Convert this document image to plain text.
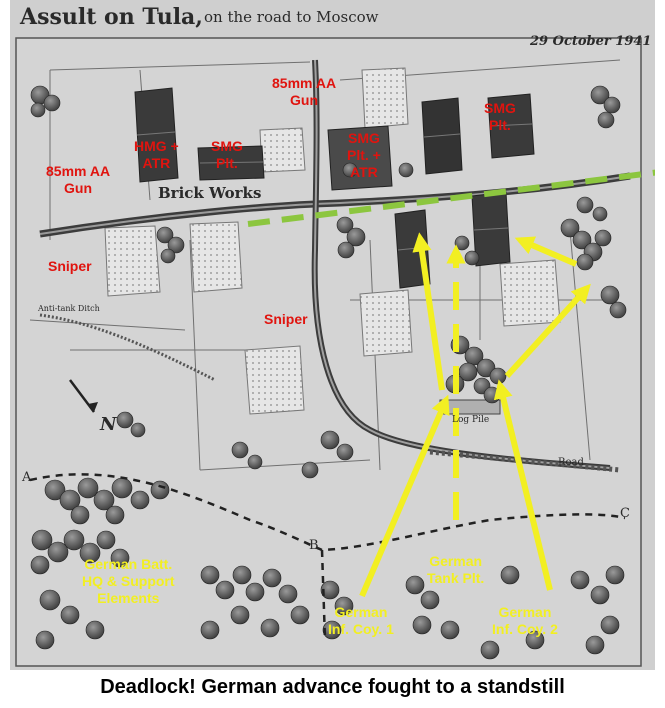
Assult on Tula, on the road to Moscow
29 October 1941
Brick Works
Anti-tank Ditch
Log Pile
Road
N
A
B
C
85mm AA
Gun
85mm AA
Gun
HMG +
ATR
SMG
Plt.
SMG
Plt. +
ATR
SMG
Plt.
Sniper
Sniper
German Batt.
HQ & Support
Elements
German
Tank Plt.
German
Inf. Coy. 1
German
Inf. Coy. 2
Deadlock! German advance fought to a standstill
